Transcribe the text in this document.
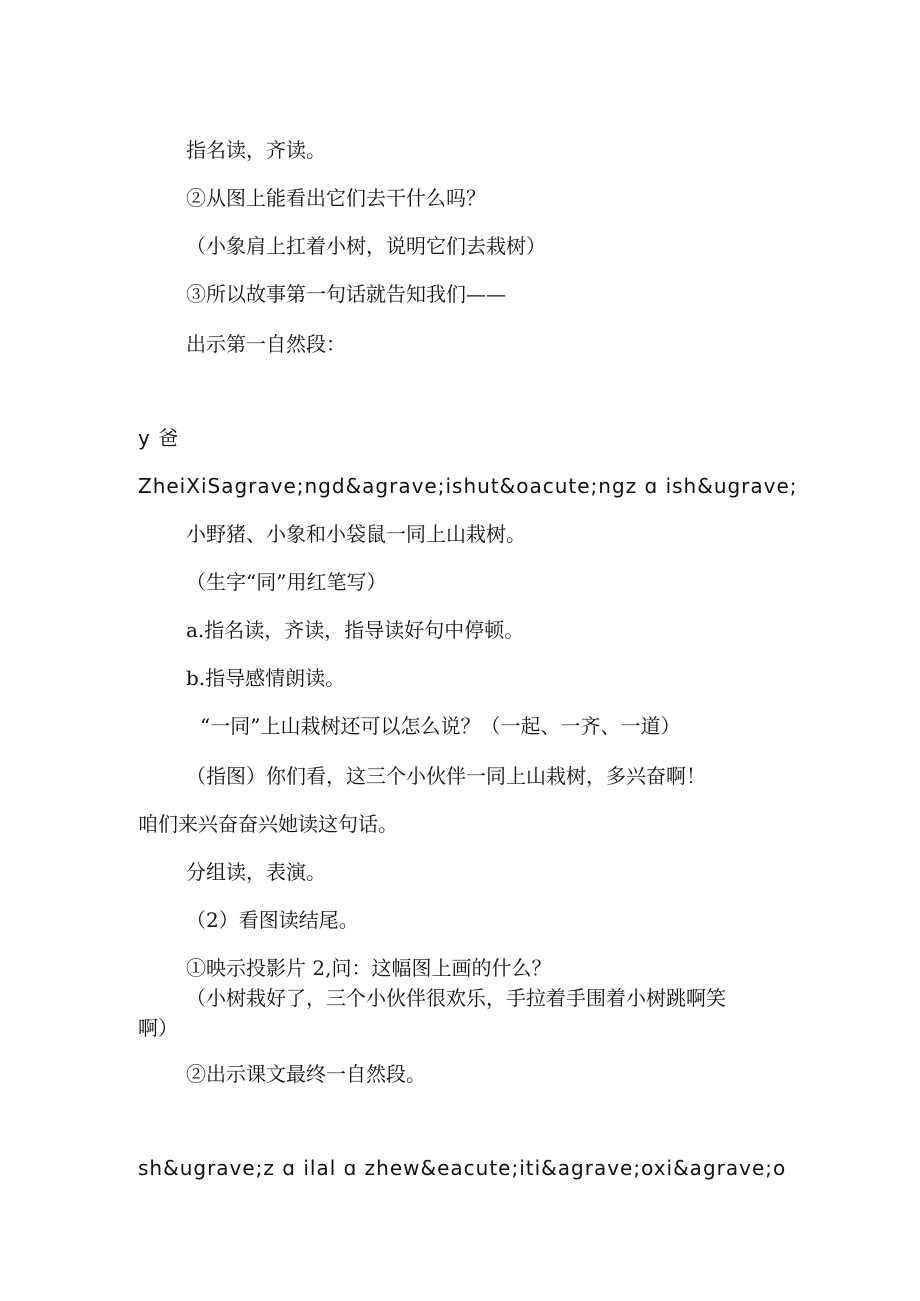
指名读，齐读。

②从图上能看出它们去干什么吗？

（小象肩上扛着小树，说明它们去栽树）

③所以故事第一句话就告知我们——

出示第一自然段：

y 爸

ZheiXiSagrave;ngd&agrave;ishut&oacute;ngz ɑ ish&ugrave;

小野猪、小象和小袋鼠一同上山栽树。

（生字“同”用红笔写）

a.指名读，齐读，指导读好句中停顿。

b.指导感情朗读。

“一同”上山栽树还可以怎么说？（一起、一齐、一道）

（指图）你们看，这三个小伙伴一同上山栽树，多兴奋啊！

咱们来兴奋奋兴她读这句话。

分组读，表演。

（2）看图读结尾。

①映示投影片 2,问：这幅图上画的什么？

（小树栽好了，三个小伙伴很欢乐，手拉着手围着小树跳啊笑

啊）

②出示课文最终一自然段。

sh&ugrave;z ɑ ilal ɑ zhew&eacute;iti&agrave;oxi&agrave;o
